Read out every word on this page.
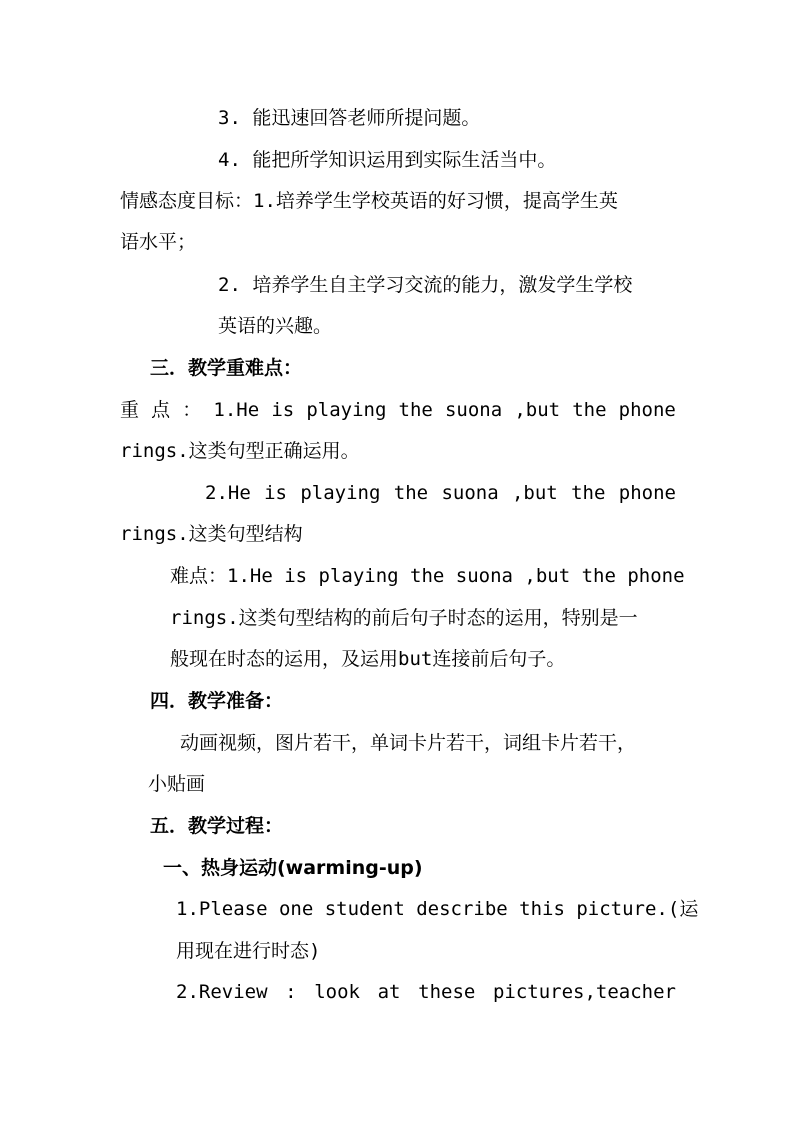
3. 能迅速回答老师所提问题。
4. 能把所学知识运用到实际生活当中。
情感态度目标：1.培养学生学校英语的好习惯，提高学生英
语水平；
2. 培养学生自主学习交流的能力，激发学生学校
英语的兴趣。
三．教学重难点：
重 点 ： 1.He is playing the suona ,but the phone
rings.这类句型正确运用。
2.He is playing the suona ,but the phone
rings.这类句型结构
难点：1.He is playing the suona ,but the phone
rings.这类句型结构的前后句子时态的运用，特别是一
般现在时态的运用，及运用but连接前后句子。
四．教学准备：
动画视频，图片若干，单词卡片若干，词组卡片若干，
小贴画
五．教学过程：
一、热身运动(warming-up)
1.Please one student describe this picture.(运
用现在进行时态)
2.Review : look at these pictures,teacher
